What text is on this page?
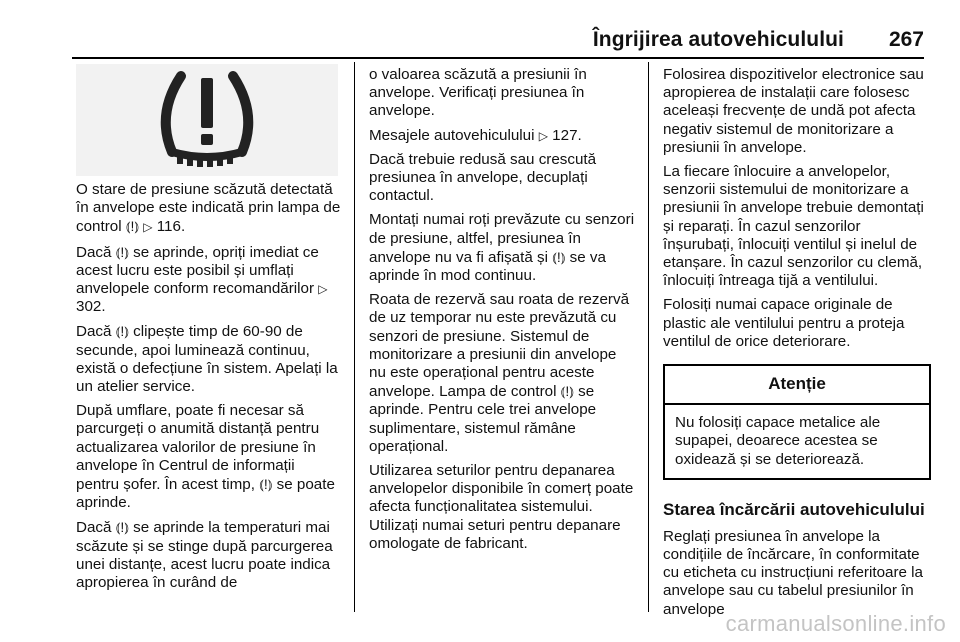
Îngrijirea autovehiculului 267

O stare de presiune scăzută detectată în anvelope este indicată prin lampa de control ⦅!⦆ ▷ 116.

Dacă ⦅!⦆ se aprinde, opriți imediat ce acest lucru este posibil și umflați anvelopele conform recomandărilor ▷ 302.

Dacă ⦅!⦆ clipește timp de 60-90 de secunde, apoi luminează continuu, există o defecțiune în sistem. Apelați la un atelier service.

După umflare, poate fi necesar să parcurgeți o anumită distanță pentru actualizarea valorilor de presiune în anvelope în Centrul de informații pentru șofer. În acest timp, ⦅!⦆ se poate aprinde.

Dacă ⦅!⦆ se aprinde la temperaturi mai scăzute și se stinge după parcurgerea unei distanțe, acest lucru poate indica apropierea în curând de

o valoarea scăzută a presiunii în anvelope. Verificați presiunea în anvelope.

Mesajele autovehiculului ▷ 127.

Dacă trebuie redusă sau crescută presiunea în anvelope, decuplați contactul.

Montați numai roți prevăzute cu senzori de presiune, altfel, presiunea în anvelope nu va fi afișată și ⦅!⦆ se va aprinde în mod continuu.

Roata de rezervă sau roata de rezervă de uz temporar nu este prevăzută cu senzori de presiune. Sistemul de monitorizare a presiunii din anvelope nu este operațional pentru aceste anvelope. Lampa de control ⦅!⦆ se aprinde. Pentru cele trei anvelope suplimentare, sistemul rămâne operațional.

Utilizarea seturilor pentru depanarea anvelopelor disponibile în comerț poate afecta funcționalitatea sistemului. Utilizați numai seturi pentru depanare omologate de fabricant.

Folosirea dispozitivelor electronice sau apropierea de instalații care folosesc aceleași frecvențe de undă pot afecta negativ sistemul de monitorizare a presiunii în anvelope.

La fiecare înlocuire a anvelopelor, senzorii sistemului de monitorizare a presiunii în anvelope trebuie demontați și reparați. În cazul senzorilor înșurubați, înlocuiți ventilul și inelul de etanșare. În cazul senzorilor cu clemă, înlocuiți întreaga tijă a ventilului.

Folosiți numai capace originale de plastic ale ventilului pentru a proteja ventilul de orice deteriorare.

Atenție
Nu folosiți capace metalice ale supapei, deoarece acestea se oxidează și se deteriorează.
Starea încărcării autovehiculului

Reglați presiunea în anvelope la condițiile de încărcare, în conformitate cu eticheta cu instrucțiuni referitoare la anvelope sau cu tabelul presiunilor în anvelope

carmanualsonline.info
